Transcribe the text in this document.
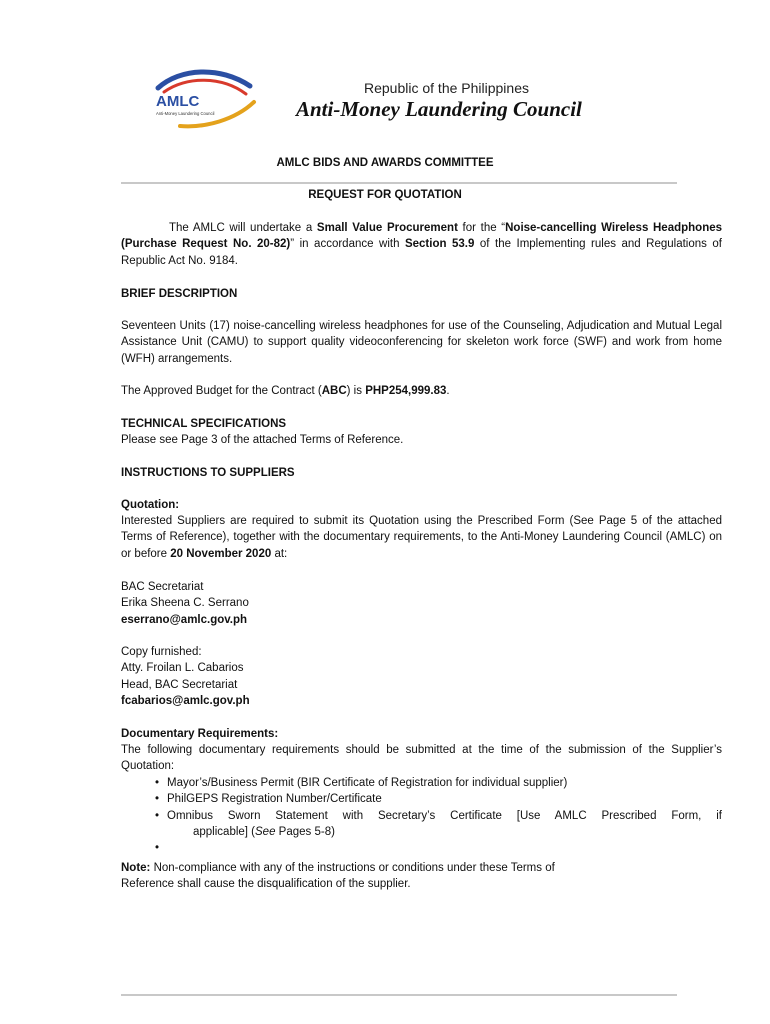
AMLC
Anti-Money Laundering Council
Republic of the Philippines
Anti-Money Laundering Council
AMLC BIDS AND AWARDS COMMITTEE
REQUEST FOR QUOTATION

The AMLC will undertake a Small Value Procurement for the “Noise-cancelling Wireless Headphones (Purchase Request No. 20-82)” in accordance with Section 53.9 of the Implementing rules and Regulations of Republic Act No. 9184.

BRIEF DESCRIPTION
Seventeen Units (17) noise-cancelling wireless headphones for use of the Counseling, Adjudication and Mutual Legal Assistance Unit (CAMU) to support quality videoconferencing for skeleton work force (SWF) and work from home (WFH) arrangements.
The Approved Budget for the Contract (ABC) is PHP254,999.83.
TECHNICAL SPECIFICATIONS
Please see Page 3 of the attached Terms of Reference.
INSTRUCTIONS TO SUPPLIERS
Quotation:
Interested Suppliers are required to submit its Quotation using the Prescribed Form (See Page 5 of the attached Terms of Reference), together with the documentary requirements, to the Anti-Money Laundering Council (AMLC) on or before 20 November 2020 at:
BAC Secretariat
Erika Sheena C. Serrano
eserrano@amlc.gov.ph
Copy furnished:
Atty. Froilan L. Cabarios
Head, BAC Secretariat
fcabarios@amlc.gov.ph
Documentary Requirements:
The following documentary requirements should be submitted at the time of the submission of the Supplier’s Quotation:
• Mayor’s/Business Permit (BIR Certificate of Registration for individual supplier)
• PhilGEPS Registration Number/Certificate
• Omnibus Sworn Statement with Secretary’s Certificate [Use AMLC Prescribed Form, if
applicable] (See Pages 5-8)
•

Note: Non-compliance with any of the instructions or conditions under these Terms of
Reference shall cause the disqualification of the supplier.
